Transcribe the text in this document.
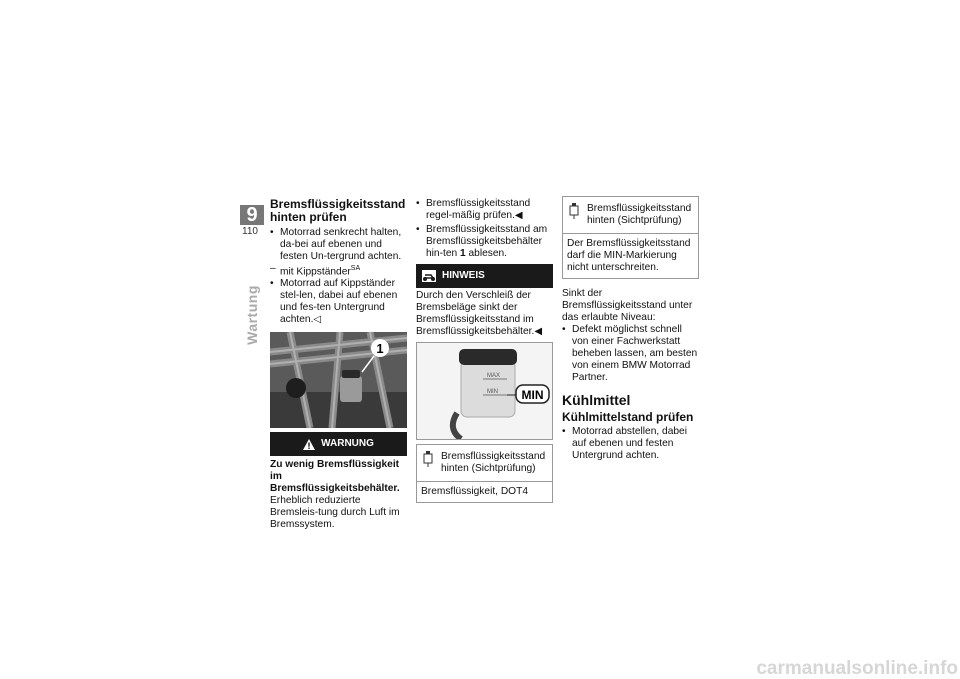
9
110
Wartung
Bremsflüssigkeitsstand
hinten prüfen
• Motorrad senkrecht halten, da-bei auf ebenen und festen Un-tergrund achten.
– mit Kippständer$^{SA}$
• Motorrad auf Kippständer stel-len, dabei auf ebenen und fes-ten Untergrund achten.◁
1
WARNUNG

Zu wenig Bremsflüssigkeit im Bremsflüssigkeitsbehälter.

Erheblich reduzierte Bremsleis-tung durch Luft im Bremssystem.

• Bremsflüssigkeitsstand regel-mäßig prüfen.◀
• Bremsflüssigkeitsstand am Bremsflüssigkeitsbehälter hin-ten 1 ablesen.
HINWEIS

Durch den Verschleiß der Bremsbeläge sinkt der Bremsflüssigkeitsstand im Bremsflüssigkeitsbehälter.◀

MAX
MIN MIN
Bremsflüssigkeitsstand hinten (Sichtprüfung)
Bremsflüssigkeit, DOT4
Bremsflüssigkeitsstand hinten (Sichtprüfung)
Der Bremsflüssigkeitsstand darf die MIN-Markierung nicht unterschreiten.

Sinkt der Bremsflüssigkeitsstand unter das erlaubte Niveau:

• Defekt möglichst schnell von einer Fachwerkstatt beheben lassen, am besten von einem BMW Motorrad Partner.
Kühlmittel
Kühlmittelstand prüfen
• Motorrad abstellen, dabei auf ebenen und festen Untergrund achten.
carmanualsonline.info
